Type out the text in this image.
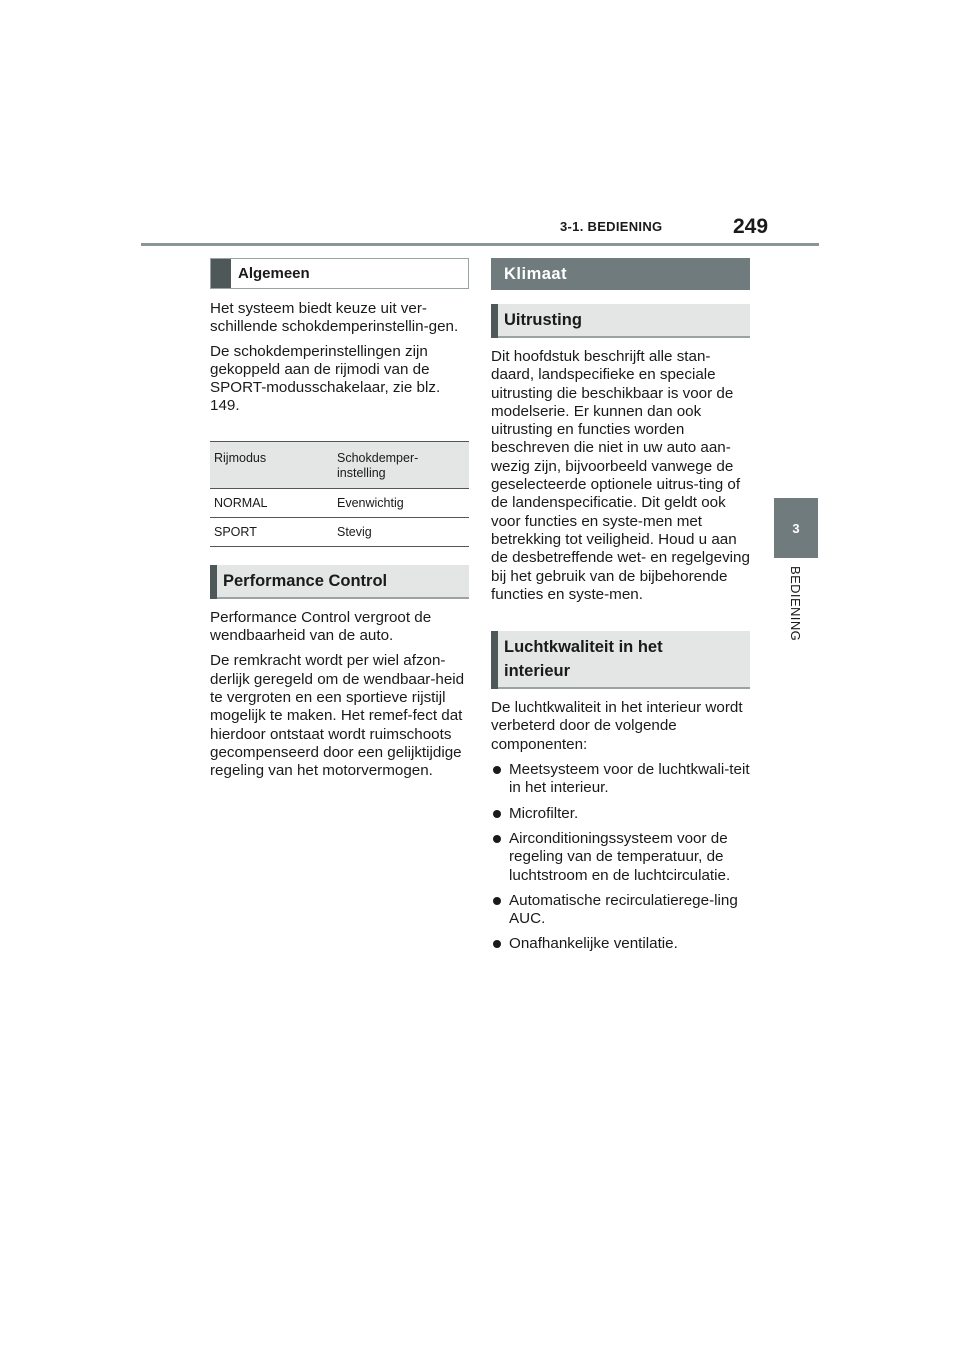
3-1. BEDIENING	249
3
BEDIENING
Algemeen

Het systeem biedt keuze uit ver-schillende schokdemperinstellin-gen.

De schokdemperinstellingen zijn gekoppeld aan de rijmodi van de SPORT-modusschakelaar, zie blz. 149.

Rijmodus	Schokdemper-instelling
NORMAL	Evenwichtig
SPORT	Stevig
Performance Control

Performance Control vergroot de wendbaarheid van de auto.

De remkracht wordt per wiel afzon-derlijk geregeld om de wendbaar-heid te vergroten en een sportieve rijstijl mogelijk te maken. Het remef-fect dat hierdoor ontstaat wordt ruimschoots gecompenseerd door een gelijktijdige regeling van het motorvermogen.

Klimaat
Uitrusting

Dit hoofdstuk beschrijft alle stan-daard, landspecifieke en speciale uitrusting die beschikbaar is voor de modelserie. Er kunnen dan ook uitrusting en functies worden beschreven die niet in uw auto aan-wezig zijn, bijvoorbeeld vanwege de geselecteerde optionele uitrus-ting of de landenspecificatie. Dit geldt ook voor functies en syste-men met betrekking tot veiligheid. Houd u aan de desbetreffende wet- en regelgeving bij het gebruik van de bijbehorende functies en syste-men.

Luchtkwaliteit in het
interieur

De luchtkwaliteit in het interieur wordt verbeterd door de volgende componenten:

Meetsysteem voor de luchtkwali-teit in het interieur.
Microfilter.
Airconditioningssysteem voor de regeling van de temperatuur, de luchtstroom en de luchtcirculatie.
Automatische recirculatierege-ling AUC.
Onafhankelijke ventilatie.
